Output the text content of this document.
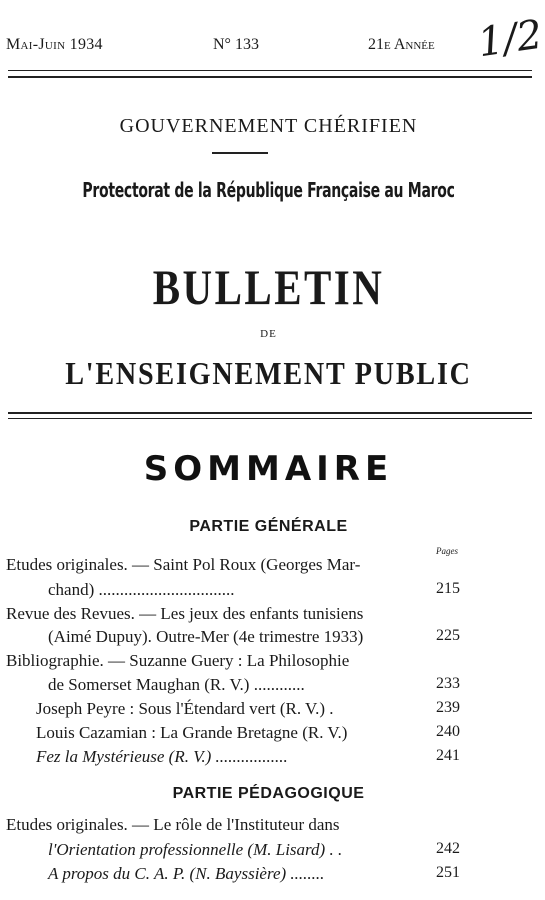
Mai-Juin 1934	N° 133	21e Année 1/2
GOUVERNEMENT CHÉRIFIEN
Protectorat de la République Française au Maroc
BULLETIN
DE
L'ENSEIGNEMENT PUBLIC
SOMMAIRE
PARTIE GÉNÉRALE
Pages
Etudes originales. — Saint Pol Roux (Georges Mar-
chand) ................................	215
Revue des Revues. — Les jeux des enfants tunisiens
(Aimé Dupuy). Outre-Mer (4e trimestre 1933)	225
Bibliographie. — Suzanne Guery : La Philosophie
de Somerset Maughan (R. V.) ............	233
Joseph Peyre : Sous l'Étendard vert (R. V.) .	239
Louis Cazamian : La Grande Bretagne (R. V.)	240
Fez la Mystérieuse (R. V.) .................	241
PARTIE PÉDAGOGIQUE
Etudes originales. — Le rôle de l'Instituteur dans
l'Orientation professionnelle (M. Lisard) . .	242
A propos du C. A. P. (N. Bayssière) ........	251
